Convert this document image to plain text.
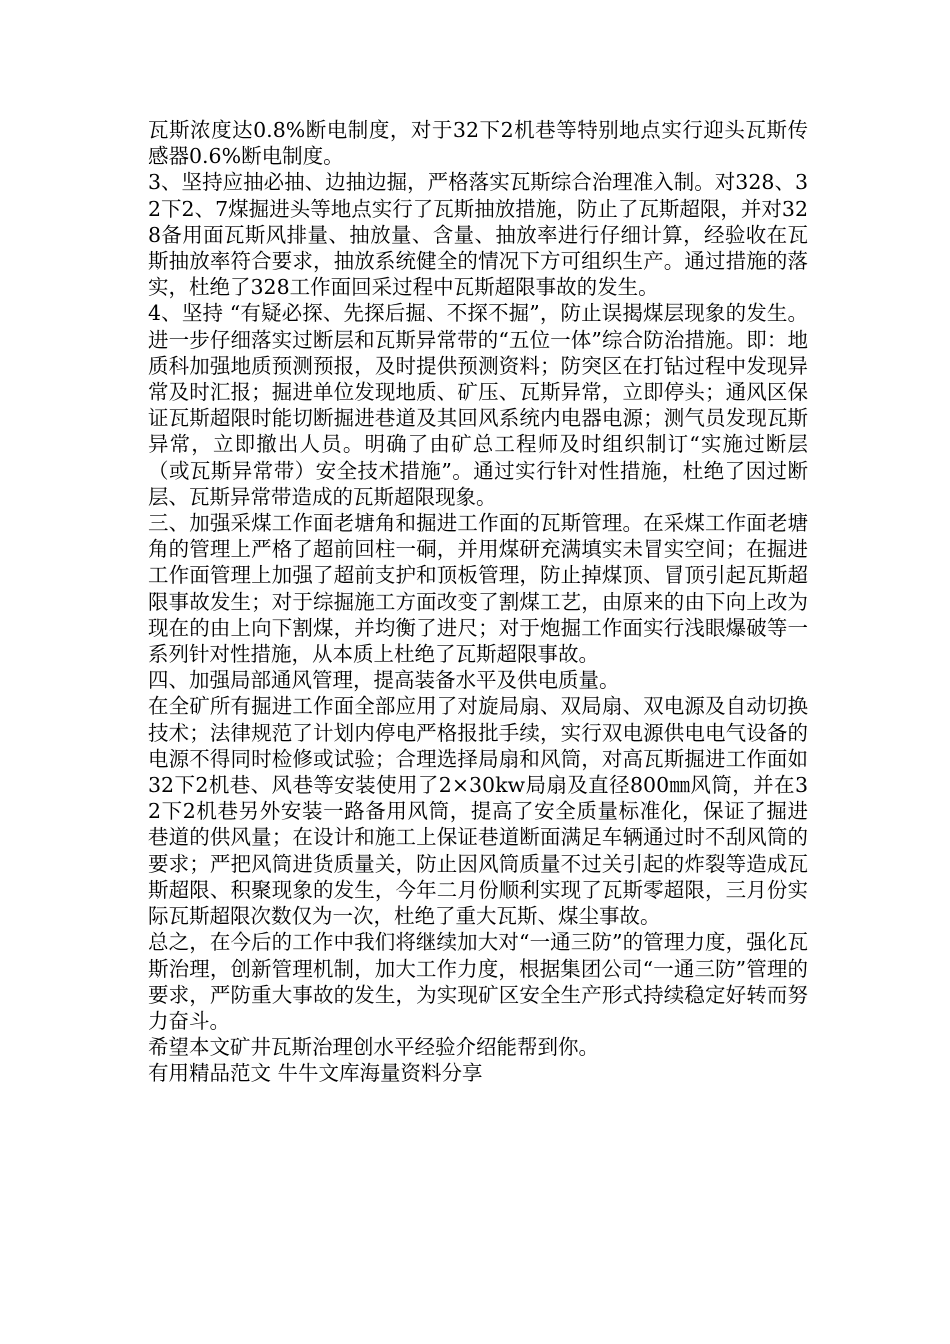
瓦斯浓度达0.8%断电制度，对于32下2机巷等特别地点实行迎头瓦斯传感器0.6%断电制度。

3、坚持应抽必抽、边抽边掘，严格落实瓦斯综合治理准入制。对328、32下2、7煤掘进头等地点实行了瓦斯抽放措施，防止了瓦斯超限，并对328备用面瓦斯风排量、抽放量、含量、抽放率进行仔细计算，经验收在瓦斯抽放率符合要求，抽放系统健全的情况下方可组织生产。通过措施的落实，杜绝了328工作面回采过程中瓦斯超限事故的发生。

4、坚持 “有疑必探、先探后掘、不探不掘”，防止误揭煤层现象的发生。进一步仔细落实过断层和瓦斯异常带的“五位一体”综合防治措施。即：地质科加强地质预测预报，及时提供预测资料；防突区在打钻过程中发现异常及时汇报；掘进单位发现地质、矿压、瓦斯异常，立即停头；通风区保证瓦斯超限时能切断掘进巷道及其回风系统内电器电源；测气员发现瓦斯异常，立即撤出人员。明确了由矿总工程师及时组织制订“实施过断层（或瓦斯异常带）安全技术措施”。通过实行针对性措施，杜绝了因过断层、瓦斯异常带造成的瓦斯超限现象。

三、加强采煤工作面老塘角和掘进工作面的瓦斯管理。在采煤工作面老塘角的管理上严格了超前回柱一硐，并用煤研充满填实未冒实空间；在掘进工作面管理上加强了超前支护和顶板管理，防止掉煤顶、冒顶引起瓦斯超限事故发生；对于综掘施工方面改变了割煤工艺，由原来的由下向上改为现在的由上向下割煤，并均衡了进尺；对于炮掘工作面实行浅眼爆破等一系列针对性措施，从本质上杜绝了瓦斯超限事故。

四、加强局部通风管理，提高装备水平及供电质量。

在全矿所有掘进工作面全部应用了对旋局扇、双局扇、双电源及自动切换技术；法律规范了计划内停电严格报批手续，实行双电源供电电气设备的电源不得同时检修或试验；合理选择局扇和风筒，对高瓦斯掘进工作面如32下2机巷、风巷等安装使用了2×30kw局扇及直径800㎜风筒，并在32下2机巷另外安装一路备用风筒，提高了安全质量标准化，保证了掘进巷道的供风量；在设计和施工上保证巷道断面满足车辆通过时不刮风筒的要求；严把风筒进货质量关，防止因风筒质量不过关引起的炸裂等造成瓦斯超限、积聚现象的发生，今年二月份顺利实现了瓦斯零超限，三月份实际瓦斯超限次数仅为一次，杜绝了重大瓦斯、煤尘事故。

总之，在今后的工作中我们将继续加大对“一通三防”的管理力度，强化瓦斯治理，创新管理机制，加大工作力度，根据集团公司“一通三防”管理的要求，严防重大事故的发生，为实现矿区安全生产形式持续稳定好转而努力奋斗。

希望本文矿井瓦斯治理创水平经验介绍能帮到你。

有用精品范文 牛牛文库海量资料分享
